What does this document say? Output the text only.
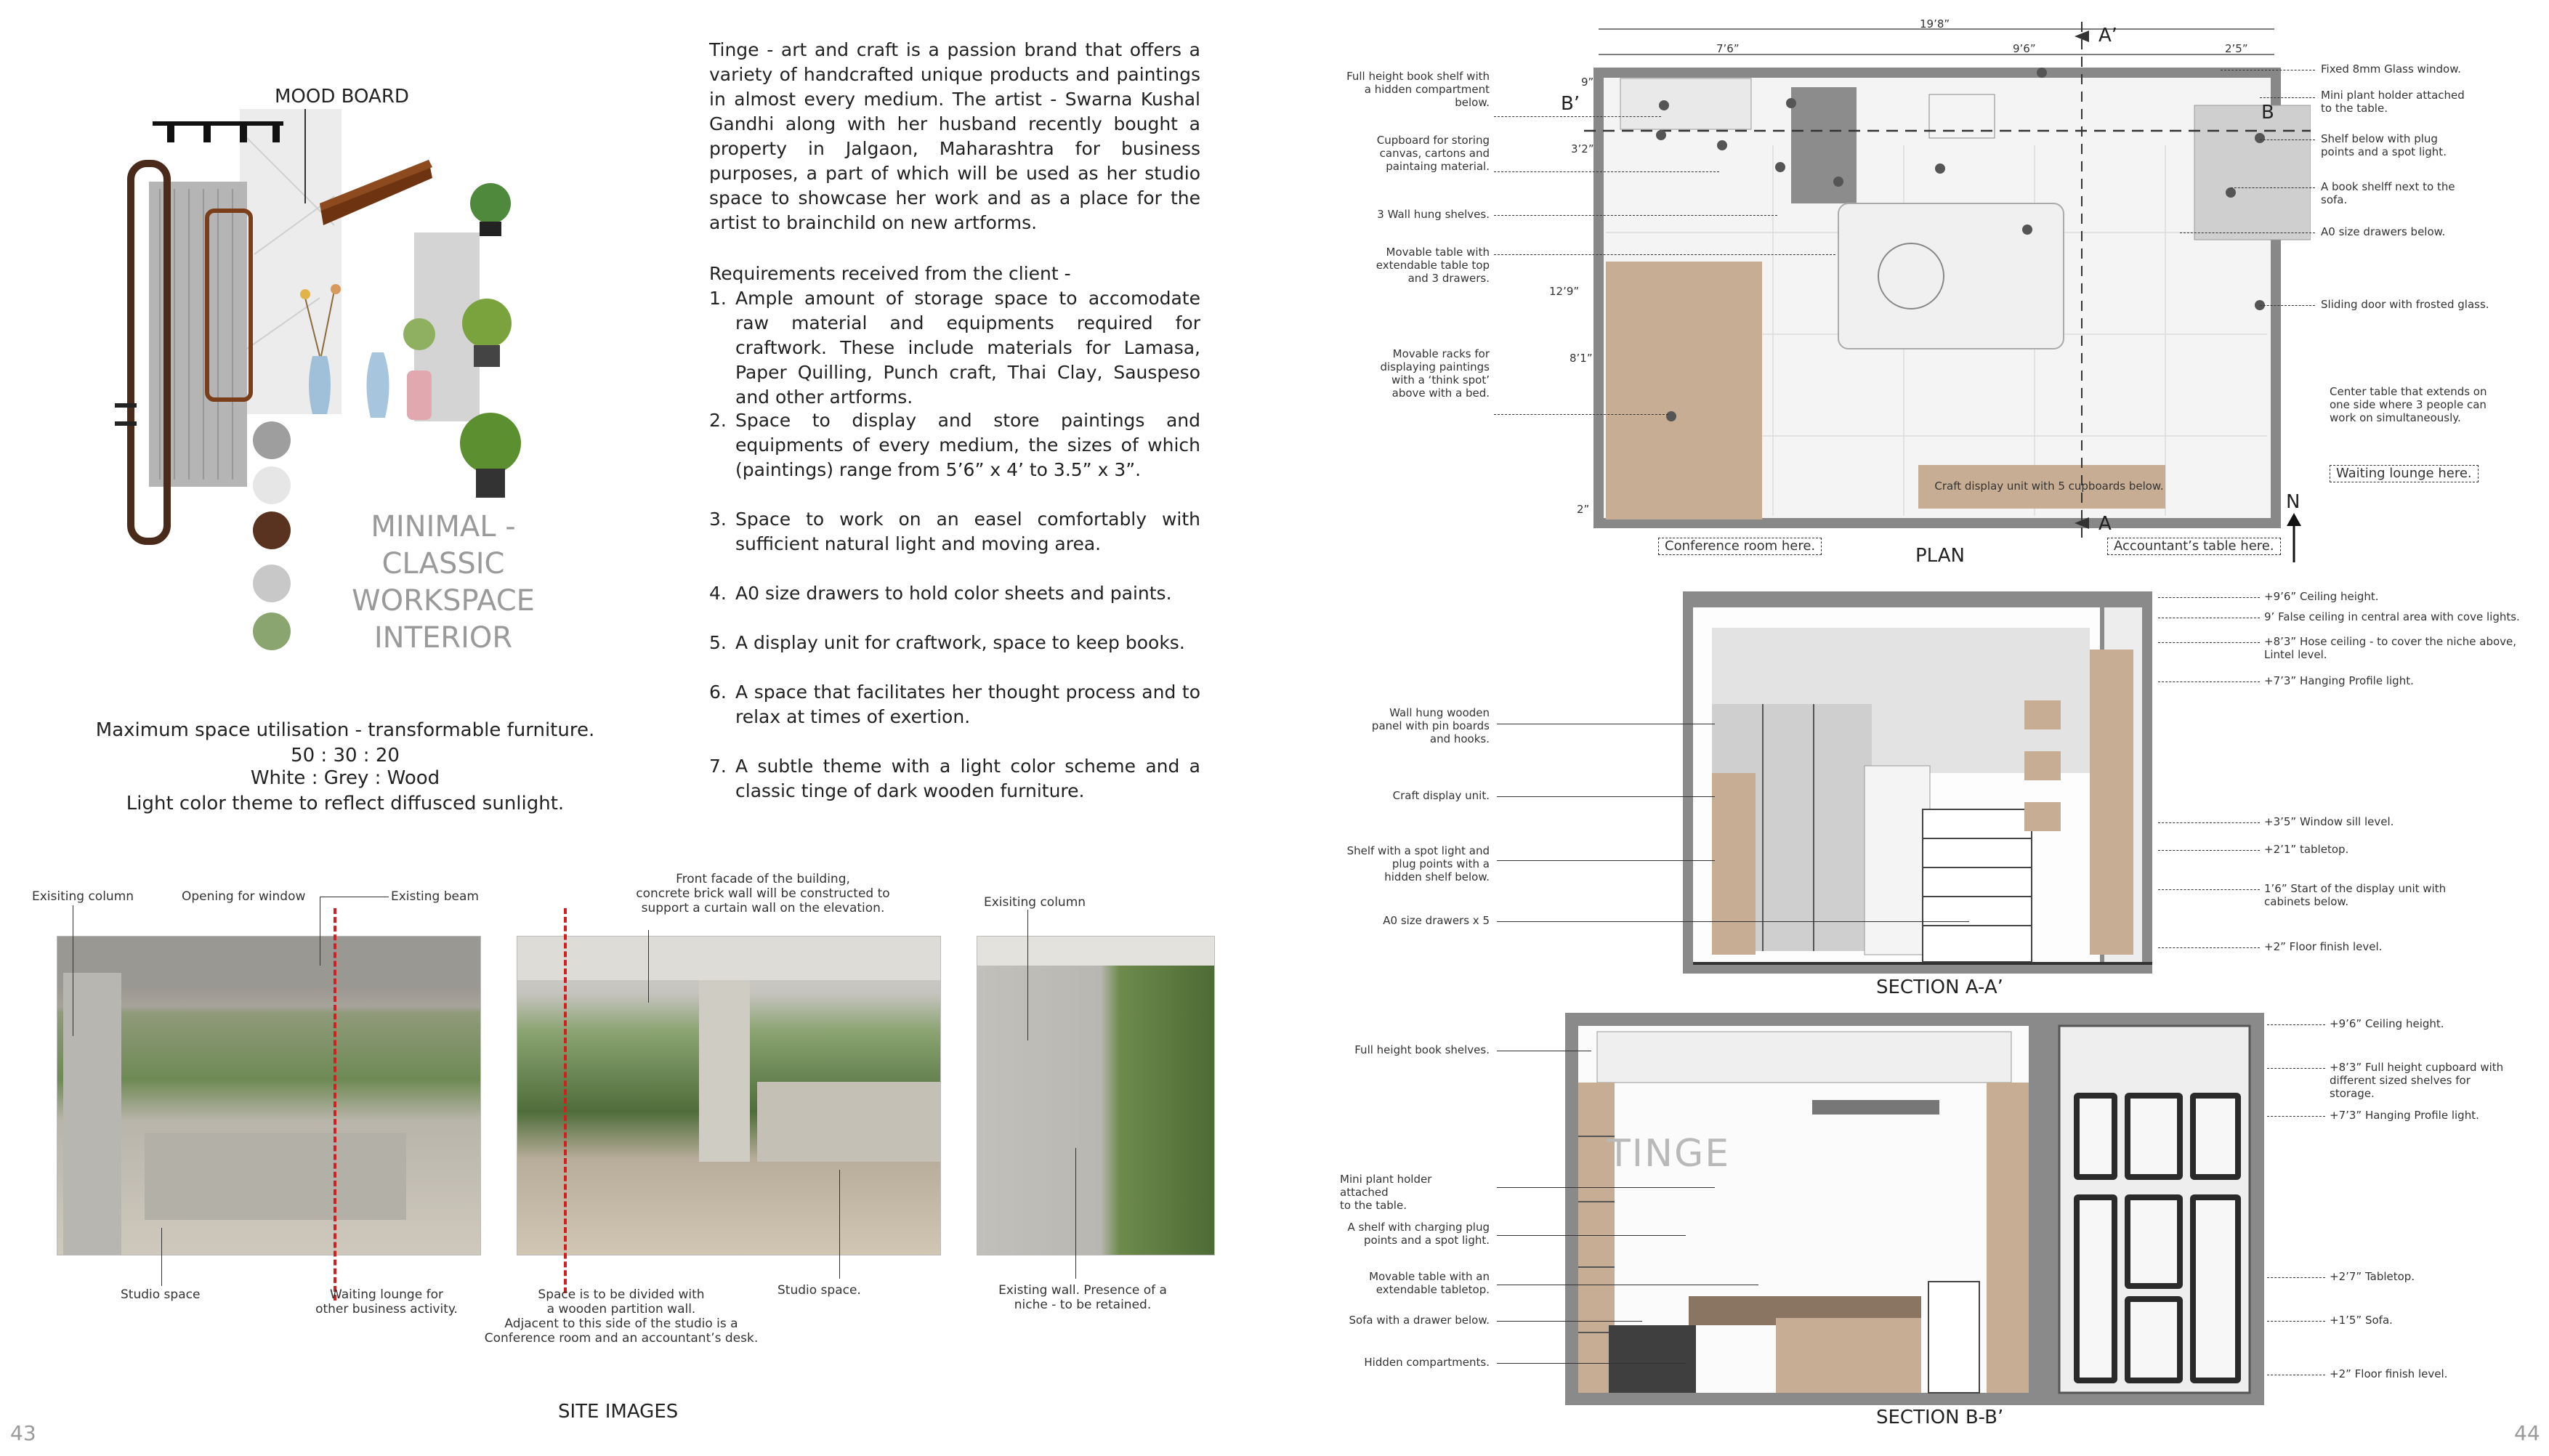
MOOD BOARD
MINIMAL -
CLASSIC
WORKSPACE
INTERIOR
Maximum space utilisation - transformable furniture.
50 : 30 : 20
White : Grey : Wood
Light color theme to reflect diffusced sunlight.
Tinge - art and craft is a passion brand that offers a variety of handcrafted unique products and paintings in almost every medium. The artist - Swarna Kushal Gandhi along with her husband recently bought a property in Jalgaon, Maharashtra for business purposes, a part of which will be used as her studio space to showcase her work and as a place for the artist to brainchild on new artforms.
Requirements received from the client -
1. Ample amount of storage space to accomodate raw material and equipments required for craftwork. These include materials for Lamasa, Paper Quilling, Punch craft, Thai Clay, Sauspeso and other artforms.
2. Space to display and store paintings and equipments of every medium, the sizes of which (paintings) range from 5’6” x 4’ to 3.5” x 3”.
3. Space to work on an easel comfortably with sufficient natural light and moving area.
4. A0 size drawers to hold color sheets and paints.
5. A display unit for craftwork, space to keep books.
6. A space that facilitates her thought process and to relax at times of exertion.
7. A subtle theme with a light color scheme and a classic tinge of dark wooden furniture.
Exisiting column	Opening for window	Existing beam
Front facade of the building,
concrete brick wall will be constructed to
support a curtain wall on the elevation.	Exisiting column
Studio space	Waiting lounge for
other business activity.
Space is to be divided with
a wooden partition wall.
Adjacent to this side of the studio is a
Conference room and an accountant’s desk.
Studio space.	Existing wall. Presence of a
niche - to be retained.
SITE IMAGES
43
19’8”
7’6”	9’6”	2’5”
9”
3’2”
12’9”
8’1”
2”
A’
A
B’	B
N
Full height book shelf with
a hidden compartment
below.
Cupboard for storing
canvas, cartons and
paintaing material.
3 Wall hung shelves.
Movable table with
extendable table top
and 3 drawers.
Movable racks for
displaying paintings
with a ‘think spot’
above with a bed.
Fixed 8mm Glass window.
Mini plant holder attached
to the table.
Shelf below with plug
points and a spot light.
A book shelff next to the
sofa.
A0 size drawers below.
Sliding door with frosted glass.
Center table that extends on
one side where 3 people can
work on simultaneously.
Waiting lounge here.
Craft display unit with 5 cupboards below.
Conference room here.	Accountant’s table here.
PLAN
Wall hung wooden
panel with pin boards
and hooks.
Craft display unit.
Shelf with a spot light and
plug points with a
hidden shelf below.
A0 size drawers x 5
+9’6” Ceiling height.
9’ False ceiling in central area with cove lights.
+8’3” Hose ceiling - to cover the niche above,
Lintel level.
+7’3” Hanging Profile light.
+3’5” Window sill level.
+2’1” tabletop.
1’6” Start of the display unit with
cabinets below.
+2” Floor finish level.
SECTION A-A’
TINGE
Full height book shelves.
Mini plant holder attached
to the table.
A shelf with charging plug
points and a spot light.
Movable table with an
extendable tabletop.
Sofa with a drawer below.
Hidden compartments.
+9’6” Ceiling height.
+8’3” Full height cupboard with
different sized shelves for
storage.
+7’3” Hanging Profile light.
+2’7” Tabletop.
+1’5” Sofa.
+2” Floor finish level.
SECTION B-B’
44
